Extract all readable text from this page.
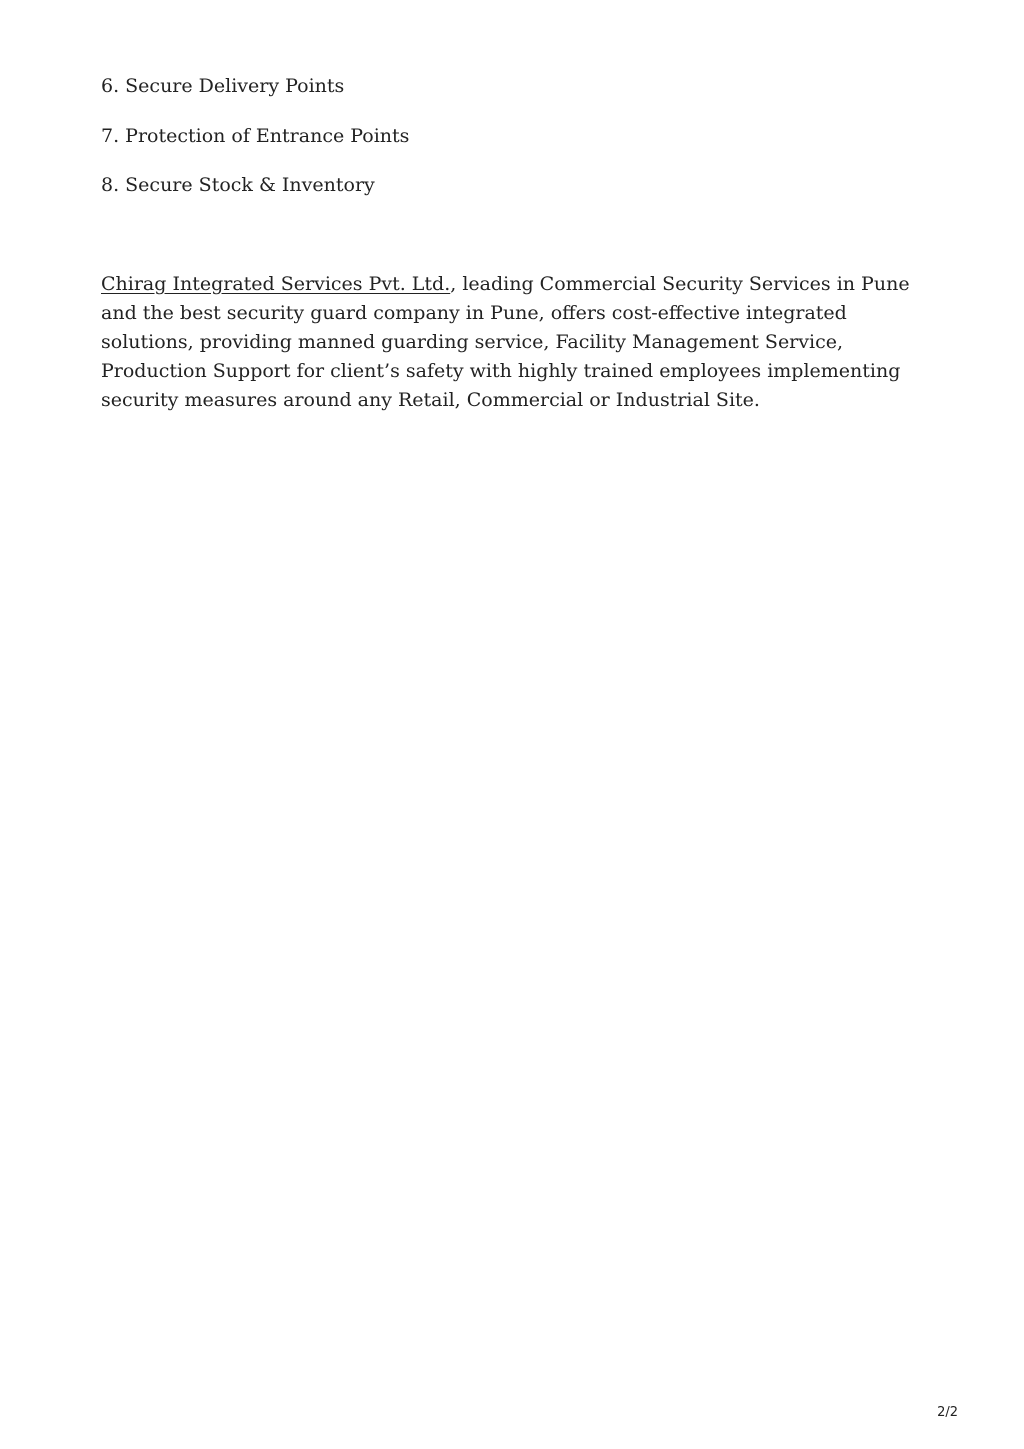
6. Secure Delivery Points
7. Protection of Entrance Points
8. Secure Stock & Inventory

Chirag Integrated Services Pvt. Ltd., leading Commercial Security Services in Pune and the best security guard company in Pune, offers cost-effective integrated solutions, providing manned guarding service, Facility Management Service, Production Support for client’s safety with highly trained employees implementing security measures around any Retail, Commercial or Industrial Site.

2/2
